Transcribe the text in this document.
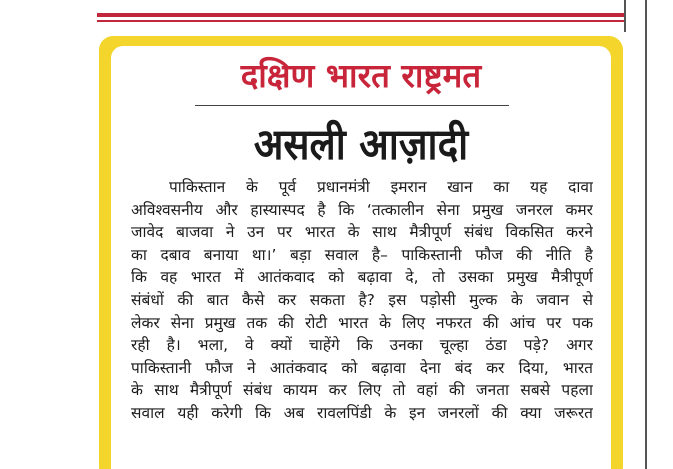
दक्षिण भारत राष्ट्रमत
असली आज़ादी
पाकिस्तान के पूर्व प्रधानमंत्री इमरान खान का यह दावा
अविश्वसनीय और हास्यास्पद है कि ‘तत्कालीन सेना प्रमुख जनरल कमर
जावेद बाजवा ने उन पर भारत के साथ मैत्रीपूर्ण संबंध विकसित करने
का दबाव बनाया था।’ बड़ा सवाल है– पाकिस्तानी फौज की नीति है
कि वह भारत में आतंकवाद को बढ़ावा दे, तो उसका प्रमुख मैत्रीपूर्ण
संबंधों की बात कैसे कर सकता है? इस पड़ोसी मुल्क के जवान से
लेकर सेना प्रमुख तक की रोटी भारत के लिए नफरत की आंच पर पक
रही है। भला, वे क्यों चाहेंगे कि उनका चूल्हा ठंडा पड़े? अगर
पाकिस्तानी फौज ने आतंकवाद को बढ़ावा देना बंद कर दिया, भारत
के साथ मैत्रीपूर्ण संबंध कायम कर लिए तो वहां की जनता सबसे पहला
सवाल यही करेगी कि अब रावलपिंडी के इन जनरलों की क्या जरूरत
